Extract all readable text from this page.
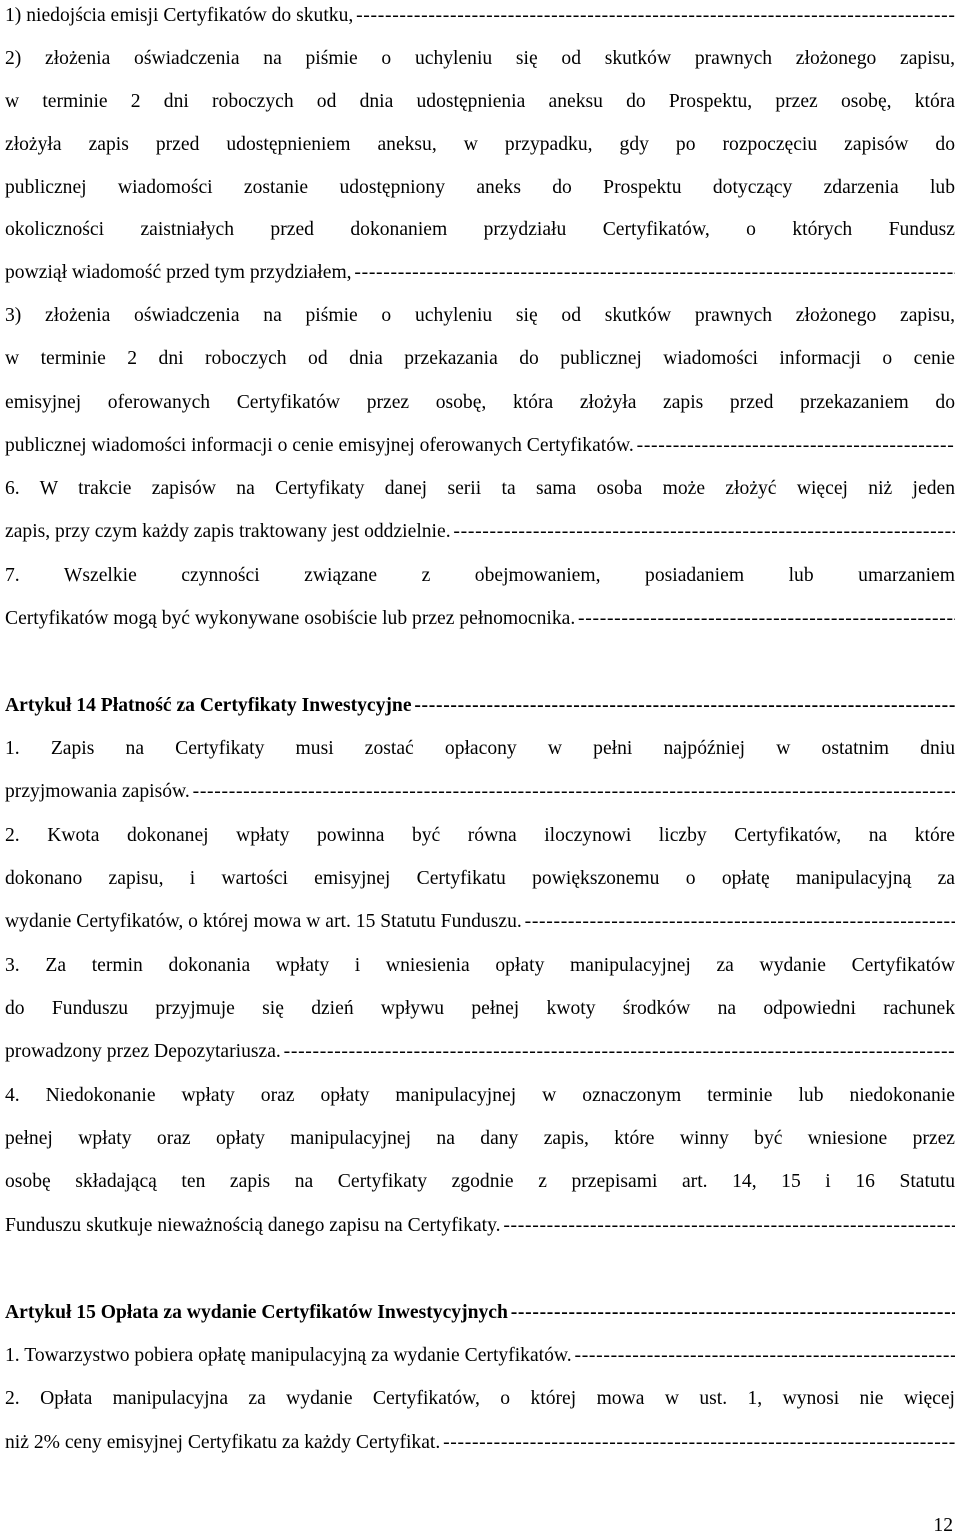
1) niedojścia emisji Certyfikatów do skutku, - - -
2) złożenia oświadczenia na piśmie o uchyleniu się od skutków prawnych złożonego zapisu,
w terminie 2 dni roboczych od dnia udostępnienia aneksu do Prospektu, przez osobę, która
złożyła zapis przed udostępnieniem aneksu, w przypadku, gdy po rozpoczęciu zapisów do
publicznej wiadomości zostanie udostępniony aneks do Prospektu dotyczący zdarzenia lub
okoliczności zaistniałych przed dokonaniem przydziału Certyfikatów, o których Fundusz
powziął wiadomość przed tym przydziałem, - - -
3) złożenia oświadczenia na piśmie o uchyleniu się od skutków prawnych złożonego zapisu,
w terminie 2 dni roboczych od dnia przekazania do publicznej wiadomości informacji o cenie
emisyjnej oferowanych Certyfikatów przez osobę, która złożyła zapis przed przekazaniem do
publicznej wiadomości informacji o cenie emisyjnej oferowanych Certyfikatów. - - -
6. W trakcie zapisów na Certyfikaty danej serii ta sama osoba może złożyć więcej niż jeden
zapis, przy czym każdy zapis traktowany jest oddzielnie. - - -
7. Wszelkie czynności związane z obejmowaniem, posiadaniem lub umarzaniem
Certyfikatów mogą być wykonywane osobiście lub przez pełnomocnika. - - -
Artykuł 14 Płatność za Certyfikaty Inwestycyjne - - -
1. Zapis na Certyfikaty musi zostać opłacony w pełni najpóźniej w ostatnim dniu
przyjmowania zapisów. - - -
2. Kwota dokonanej wpłaty powinna być równa iloczynowi liczby Certyfikatów, na które
dokonano zapisu, i wartości emisyjnej Certyfikatu powiększonemu o opłatę manipulacyjną za
wydanie Certyfikatów, o której mowa w art. 15 Statutu Funduszu. - - -
3. Za termin dokonania wpłaty i wniesienia opłaty manipulacyjnej za wydanie Certyfikatów
do Funduszu przyjmuje się dzień wpływu pełnej kwoty środków na odpowiedni rachunek
prowadzony przez Depozytariusza. - - -
4. Niedokonanie wpłaty oraz opłaty manipulacyjnej w oznaczonym terminie lub niedokonanie
pełnej wpłaty oraz opłaty manipulacyjnej na dany zapis, które winny być wniesione przez
osobę składającą ten zapis na Certyfikaty zgodnie z przepisami art. 14, 15 i 16 Statutu
Funduszu skutkuje nieważnością danego zapisu na Certyfikaty. - - -
Artykuł 15 Opłata za wydanie Certyfikatów Inwestycyjnych - - -
1. Towarzystwo pobiera opłatę manipulacyjną za wydanie Certyfikatów. - - -
2. Opłata manipulacyjna za wydanie Certyfikatów, o której mowa w ust. 1, wynosi nie więcej
niż 2% ceny emisyjnej Certyfikatu za każdy Certyfikat. - - -
12
